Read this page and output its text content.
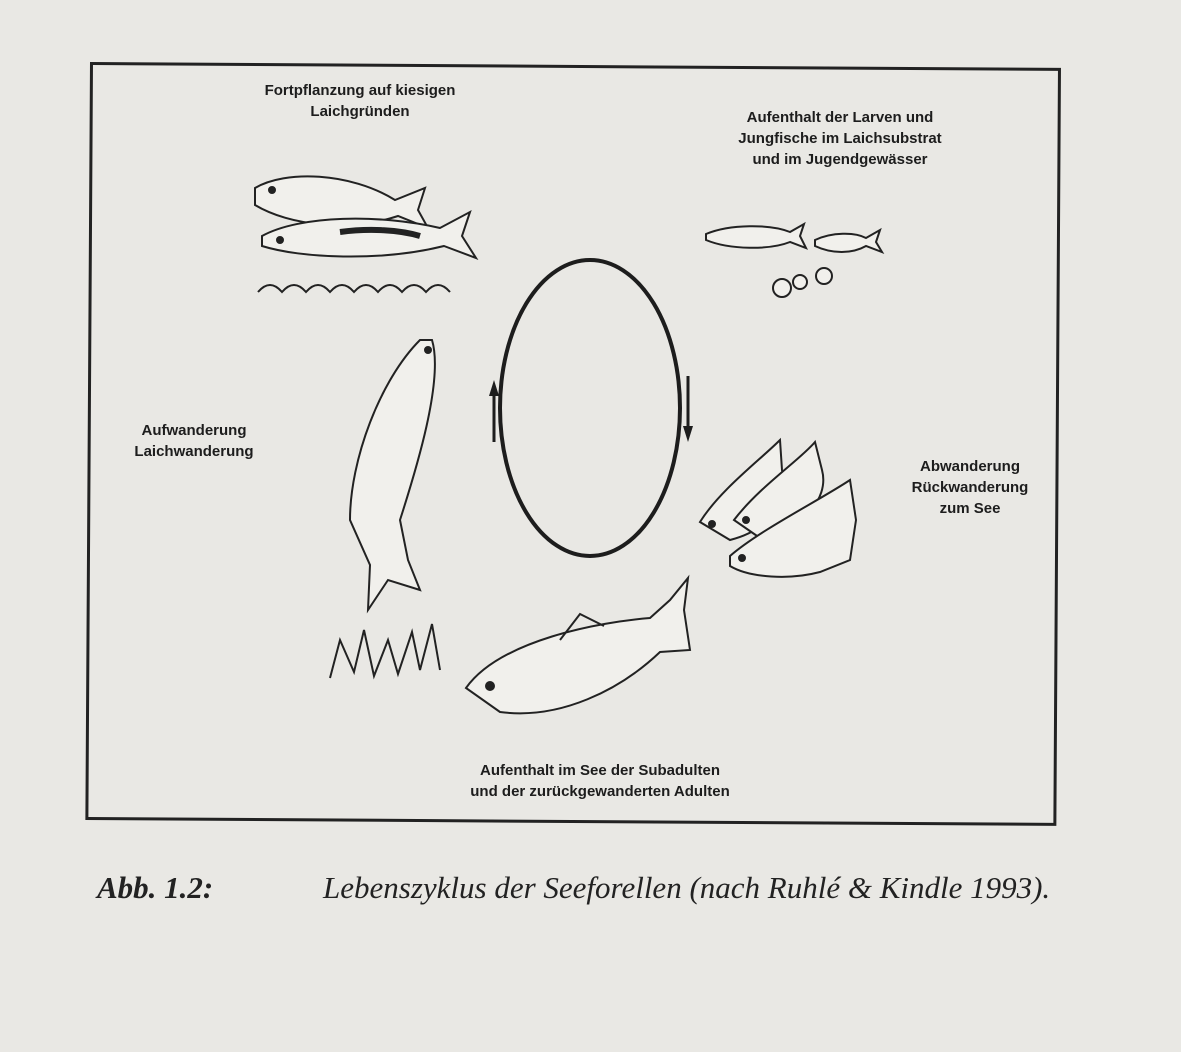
Fortpflanzung auf kiesigen
Laichgründen	Aufenthalt der Larven und
Jungfische im Laichsubstrat
und im Jugendgewässer
Abwanderung
Rückwanderung
zum See
Aufenthalt im See der Subadulten
und der zurückgewanderten Adulten
Aufwanderung
Laichwanderung
Abb. 1.2:	Lebenszyklus der Seeforellen (nach Ruhlé & Kindle 1993).
